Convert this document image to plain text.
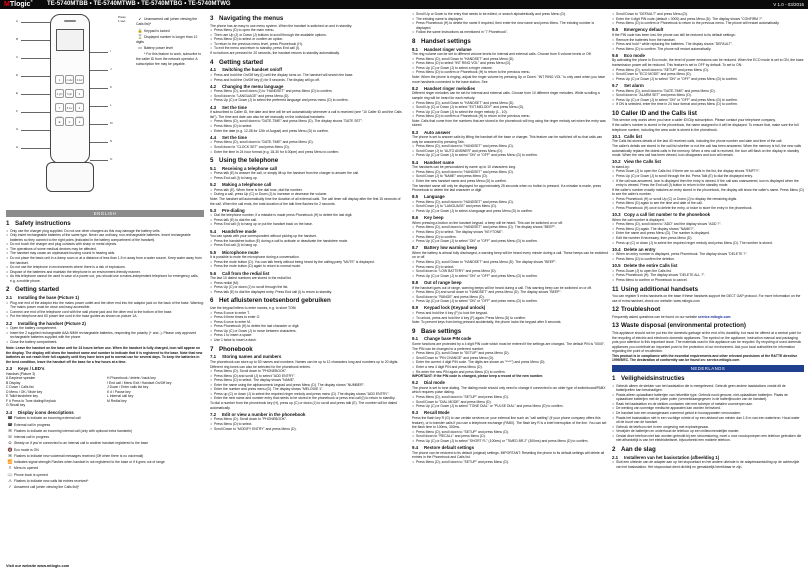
MTlogic®	TE-5740MTBB • TE-5740MTWB • TE-5740MTBG • TE-5740MTWG	V 1.0 - 03/2015
1	2 abc	3 def
4 ghi	5 jkl	6 mno
7 pqrs
8 tuv	9 wxyz
✱	0	#
A
B
C
D
E
F
G
H
I
J
K
L
M
N
O
Press
1 sec.	↙ Unanswered call (when viewing the Calls list)*
🔒 Keypad is locked
⌛ Displayed number is longer than 12 digits
▭ Battery power level
* For this feature to work, subscribe to the caller ID from the network operator. A subscription fee may be payable.
ENGLISH
1 Safety instructions
• Only use the charger plug supplied. Do not use other chargers as this may damage the battery cells.
• Only insert rechargeable batteries of the same type. Never use ordinary, non-rechargeable batteries. Insert rechargeable batteries so they connect to the right poles (indicated in the battery compartment of the handset).
• Do not touch the charger and plug contacts with sharp or metal objects.
• The operations of some medical devices may be affected.
• The handset may cause an unpleasant buzzing sound in hearing aids.
• Do not place the basic unit in a damp room or at a distance of less than 1.5 m away from a water source. Keep water away from the handset.
• Do not use the telephone in environments where there is a risk of explosions.
• Dispose of the batteries and maintain the telephone in an environment-friendly manner.
• As this telephone cannot be used in case of a power cut, you should use a mains-independent telephone for emergency calls, e.g. a mobile phone.
2 Getting started
2.1 Installing the base (Picture 1)
• Plug one end of the adaptor into the mains power outlet and the other end into the adaptor jack on the back of the base. Warning: The mains power must be close and easy accessible.
• Connect one end of the telephone cord with the wall phone jack and the other end to the bottom of the base.
• Put the telephone and 60 power line cord in the base guides as shown on picture 1A.
2.2 Installing the handset (Picture 2)
• Open the battery compartment.
• Insert the 2 supplied rechargeable AAA NiMH rechargeable batteries, respecting the polarity (+ and -). Please only approved rechargeable batteries supplied with the phone.
• Close the battery compartment.
Note: Leave the handset on the base unit for 24 hours before use. When the handset is fully charged, icon will appear on the display. The display will show the handset name and number to indicate that it is registered to the base. Note that new batteries do not reach their full capacity until they have been put to normal use for several days. To keep the batteries in the best condition, leave the handset off the base for a few hours at a time.
2.3 Keys / LED's
Handset (Picture 3)
A Earpiece speaker
B Display
C Down / Calls list
D Menu / OK / Mute key
E Talk/Handsfree key
F # Press to Tone dialing/Keylock
G Recall key
H Phonebook / delete / back key
I End call / Menu Exit / Handset On/Off key
J Down / Enter calls list key
K # / Pause key
L Internal call key
M Redial key
2.4 Display icons descriptions
☎ Flashes to indicate an incoming external call
☎ External call in progress
✉ Flashes to indicate an incoming internal call (only with optional extra handsets)
☏ Internal call in progress
Ω Steady on if you're connected to an internal call to another handset registered to the base
🔇 Eco mode is ON
✉ Flashes to indicate new voicemail messages received (Off when there is no voicemail)
📶 Indicates signal strength Flashes when handset is not registered to the base or if it goes out of range
≡ Menu is opened
📖 Phone book is opened
⚠ Flashes to indicate new calls list entries received*
✓ Answered call (when viewing the Calls list)*
Visit our website www.mtlogic.com
3 Navigating the menus
The phone has an easy to use menu system. When the handset is switched on and in standby:
• Press Menu (D) to open the main menu.
• Then use Up (J) or Down (J) buttons to scroll through the available options.
• Press Menu (D) to select or confirm an option.
• To return to the previous menu level, press Phonebook (H).
• To exit the menu and return to standby, press End call (I).
If no buttons are pressed for 20 seconds, the handset returns to standby automatically.
4 Getting started
4.1 Switching the handset on/off
• Press and hold the On/Off key (I) until the display turns on. The handset will search the base.
• Press and hold the On/Off key (I) for 5 seconds. The display will go off.
4.2 Changing the menu language
• Press Menu (D), scroll down (J) to "HANDSET" and press Menu (D) to confirm.
• Scroll down to "LANGUAGE" and press Menu (D).
• Press Up (C) or Down (J) to select the preferred language and press menu (D) to confirm.
4.3 Set the time
If subscribed to Caller ID, the date and time will be set automatically whenever a call is received (see "10 Caller ID and the Calls list"). The time and date can also be set manually on the individual handsets:
• Press Menu (D), scroll down to "DATE-TIME" and press Menu (D). The display shows "DATE SET".
• Press Menu (D) to select.
• Enter the date (e.g. 12-08 for 12th of August) and press Menu (D) to confirm.
4.4 Set the time
• Press Menu (D), scroll down to "DATE-TIME" and press Menu (D).
• Scroll down to "CLOCK SET" and press Menu (D).
• Enter the time in 24 hour format (e.g. 18-30 for 6:30pm) and press Menu to confirm.
5 Using the telephone
5.1 Receiving a telephone call
• Press talk (E) to answer the call, or simply lift up the handset from the charger to answer the call.
• Press End call (I) to hang up.
5.2 Making a telephone call
• Press talk (E). When there is the dial tone, dial the number.
• During a call, press Up (C) or Down (J) to increase or decrease the volume.
Note: The handset will automatically time the duration of all external calls. The call timer will display after the first 15 seconds of the call. When the call ends, the total duration of the talk time flashes for 2 seconds.
5.3 Pre-dialing
• Dial the telephone number, if a mistake is made press Phonebook (H) to delete the last digit.
• Press talk (E) to dial the call.
• Press End call (I) to hang up or put the handset back on the base.
5.4 Handsfree mode
You can speak with your correspondent without picking up the handset.
• Press the handsfree button (E) during a call to activate or deactivate the handsfree mode.
• Press End call (I) to hang up.
5.5 Microphone mute
It is possible to mute the microphone during a conversation.
• Press the mute button (D). You can talk freely without being heard by the calling party "MUTE" is displayed.
• Press the mute button (D) again to return to normal mode.
5.6 Call from the redial list
The last 10 dialed numbers are stored in the redial list.
• Press redial (M).
• Press Up (C) or down (J) to scroll through the list.
• Press talk (E) to dial the displayed entry. Press End call (I) to return to standby.
6 Het afluisteren toetsenbord gebruiken
Use the keypad letters to enter names, e.g. to store TOM:
• Press 8 once to enter T.
• Press 6 three times to enter O.
• Press 6 once to enter M.
• Press Phonebook (H) to delete the last character or digit.
• Press Up (C) or Down (J) to move between characters.
• Press 1 to insert a space.
• Use 1 twice to insert a dash.
7 Phonebook
7.1 Storing names and numbers
The phonebook can store up to 50 names and numbers. Names can be up to 12 characters long and numbers up to 20 digits. Different ring tones can also be selected for the phonebook entries.
• Press Menu (D). Scroll down to "PHONEBOOK".
• Press Menu (D) and scroll (J) to select "ADD ENTRY".
• Press Menu (D) to select. The display shows "NAME".
• Enter the name using the alphanumeric keypad and press Menu (D). The display shows "NUMBER".
• Enter the number and press menu (D). The display shows "MELODIE 1".
• Press up (C) or down (J) to select the required ringer melody and press menu (D). The display shows "ADD ENTRY".
• Enter the next name and number entry that needs to be stored in the phonebook or press end call (I) to return to standby.
To dial a number from the phonebook key (H), press up (C) or down (J) to scroll and press talk (E). The number will be dialed automatically.
7.2 Edit or view a number in the phonebook
• Press Menu (D). Scroll down to "PHONEBOOK".
• Press Menu (D) to select.
• Scroll Down to "MODIFY ENTRY" and press Menu (D).
• Scroll Up or Down to the entry that needs to be edited, or search alphabetically and press Menu (D).
• The existing name is displayed.
• Press Phonebook (H) to delete the name if required, then enter the new name and press Menu. The existing number is displayed.
• Follow the same instructions as mentioned in "7 Phonebook".
8 Handset settings
8.1 Handset ringer volume
The ring volume can be set to different volume levels for internal and external calls. Choose from 5 volume levels or Off.
• Press Menu (D), scroll Down to "HANDSET" and press Menu (D).
• Press Menu (D) to select "INT RING VOL" and press Menu (D).
• Press Up (C) or Down (J) to select a ringer volume.
• Press Menu (D) to confirm or Phonebook (H) to return to the previous menu.
Note: When the phone is ringing, adjust the ringer volume by pressing Up or Down. "INT RING VOL" is only used when you have more handsets connected to the base station. See
8.2 Handset ringer melodies
Different ringer melodies can be set for internal and external calls. Choose from 10 different ringer melodies. While scrolling a sample ring will be heard for each melody.
• Press Menu (D), scroll Down to "HANDSET" and press Menu (D).
• Scroll Up (C) or Down (J) to select "EXT.MELODY" and press Menu (D).
• Press Up (C) or Down (J) to select the ringer melody (1 - 10).
• Press Menu (D) to confirm or Phonebook (H) to return to the previous menu.
Note: Calls that come from the numbers that are stored in the phonebook will ring using the ringer melody set when the entry was stored.
8.3 Auto answer
The phone is set to answer calls by lifting the handset off the base or charger. This feature can be switched off so that calls can only be answered by pressing Talk.
• Press Menu (D), scroll down to "HANDSET" and press Menu (D).
• Scroll Down (J) to "AUTO ANSWER" and press Menu (D).
• Press Up (C) or Down (J) to select "ON" or "OFF" and press Menu (D) to confirm.
8.4 Handset name
The handsets can be personalized by name up to 10 characters long.
• Press Menu (D), scroll down to "HANDSET" and press Menu (D).
• Scroll Down (J) to "NAME" and press Menu (D).
• Enter the new handset name and press Menu (D) to confirm.
The handset name will only be displayed for approximately 25 seconds when no button is pressed. If a mistake is made, press Phonebook to delete the last character or digit.
8.5 Language
• Press Menu (D), scroll down to "HANDSET" and press Menu (D).
• Scroll Down (J) to "LANGUAGE" and press Menu (D).
• Press Up (C) or Down (J) to select a language and press Menu (D) to confirm.
8.6 Key beep
When pressing a button on the handset keypad, a beep will be heard. This can be switched on or off.
• Press Menu (D), scroll down to "HANDSET" and press Menu (D). The display shows "BEEP".
• Press Menu (D) to select. The display shows "KEYTONE".
• Press Menu (D) to confirm.
• Press Up (C) or Down (J) to select "ON" or "OFF" and press Menu (D) to confirm.
8.7 Battery low warning beep
When the battery is almost fully discharged, a warning beep will be heard every minute during a call. These beeps can be switched on or off.
• Press Menu (D), scroll Down to "HANDSET" and press Menu (D). The display shows "BEEP".
• Press menu (D) to select.
• Scroll down to "LOW BATTERY" and press Menu (D).
• Press Up (C) or Down (J) to select "ON" or "OFF" and press Menu (D) to confirm.
8.8 Out of range beep
If the handset goes out of range, warning beeps will be heard during a call. This warning beep can be switched on or off.
• Press Menu (D) and scroll down to "HANDSET" and press Menu (D). The display shows "BEEP".
• Scroll down to "RANGE" and press Menu (D).
• Press Up (C) or Down (J) to select "ON" or "OFF" and press menu (D) to confirm.
8.9 Keypad lock (Keypad unlock)
• Press and hold the # key (F) to lock the keypad.
• To unlock, press and hold the # key (F) again. Press Menu (D) to confirm.
Note: To prevent keys from being pressed accidentally, the phone locks the keypad after 5 seconds.
9 Base settings
9.1 Change base PIN code
Some functions are protected by a 4 digit PIN code which must be entered if the settings are changed. The default PIN is "0000". The PIN can be changed to a preferred number.
• Press Menu (D), scroll Down to "SETUP" and press Menu (D).
• Scroll Down to "PIN CHANGE" and press Menu (D).
• Enter the current 4 digit PIN code. The digits are shown as "****") and press Menu (D).
• Enter a new 4 digit PIN and press Menu (D).
• Re-enter the new PIN again and press Menu (D) to confirm.
IMPORTANT: If the PIN code is changed, please keep a record of the new number.
9.2 Dial mode
The phone is set to tone dialing. The dialing mode should only need to change if connected to an older type of switchboard/PABX which requires pulse dialing.
• Press Menu (D), scroll down to "SETUP" and press Menu (D).
• Scroll Down to "DIAL MODE" and press Menu (D).
• Press Up (C) or Down (J) to select "TONE DIAL" or "PULSE DIAL" and press Menu (D) to confirm.
9.3 Recall Mode
Press the flash key R (G) to use certain services on your external line such as "call waiting" (if your phone company offers this feature), or to transfer calls if you use a telephone exchange (PABX). The flash key R is a brief interruption of the line. You can set the flash time to 100ms, 300ms.
• Press Menu (D), scroll down to "SETUP" and press Menu (D).
• Scroll down to "RECALL" and press Menu (D).
• Press Up (C) or Down (J) to select "SHORT FL" (100ms) or "TIMED BR.2" (300ms) and press Menu (D) to confirm.
9.4 Restore default settings
The phone can be restored to its default (original) settings. IMPORTANT: Resetting the phone to its default settings will delete all entries in the Phonebook and Calls list.
• Press Menu (D), scroll down to "SETUP" and press Menu (D).
• Scroll Down to "DEFAULT" and press Menu (D).
• Enter the 4 digit PIN code (default = 0000) and press Menu (D). The display shows "CONFIRM ?".
• Press Menu (D) to confirm or Phonebook to return to the previous menu. The phone will restart automatically.
9.5 Emergency default
If the PIN code has been lost, the phone can still be restored to its default settings:
• Remove the batteries from the handset.
• Press and hold * while replacing the batteries. The display shows "DEFAULT".
• Press Menu (D) to confirm. The phone will restart automatically.
9.6 Eco mode
By activating the phone in Eco mode, the level of power emissions can be reduced. When the ECO mode is set to ON, the base transmission power will be reduced. This feature is set to OFF by default. To set to ON:
• Press Menu (D), scroll down to "SETUP" and press Menu (D).
• Scroll Down to "ECO MODE" and press Menu (D).
• Press Up (C) or Down (J) to select "ON" or "OFF" and press Menu (D) to confirm.
9.7 Set alarm
• Press Menu (D), scroll down to "DATE-TIME" and press Menu (D).
• Scroll down to "ALARM SET" and press Menu (D).
• Press Up (C) or Down (J) to select "ON" or "OFF" and press Menu (D) to confirm.
• If ON is selected, enter the time in 24 hour format and press Menu (D) to confirm.
10 Caller ID and the Calls list
This service only works when you have a caller ID/Clip subscription. Please contact your telephone company.
If the caller's number is stored in the phonebook, the name assigned to it will be displayed. To ensure that, make sure the full telephone number, including the area code is stored in the phonebook.
10.1 Calls list
The Calls list stores details of the last 40 received calls, including the phone number and date and time of the call.
The caller's details are stored in the call list whether or not the call has been answered. When the memory is full, the new calls automatically replace the oldest calls in the memory. When a new call is received, the icon will flash on the display in standby mode. When the new call has been viewed, icon disappears and icon will remain.
10.2 View the Calls list
In stand-by:
• Press Down (J) to open the Calls list. If there are no calls in the list, the display shows "EMPTY".
• Press Up (C) or Down (J) to scroll through the list. Press Talk (E) to dial the displayed entry.
• If the call was answered, icon is displayed then the entry is viewed. If the call was unanswered, icon is displayed when the entry is viewed. Press the End call (I) button to return to the standby mode.
If the caller's number exactly matches an entry stored in the phonebook, the display will show the caller's name. Press Menu (D) to see the caller's number.
• Press Phonebook (H) or scroll Up (C) or Down (J) to display the remaining digits.
• Press Menu (D) again to see the time and date of the call.
• Press Phonebook (H) once to delete the entry, or twice to store the entry in the phonebook.
10.3 Copy a call list number to the phonebook
When the call number is displayed:
• Press Menu (D), scroll down to "ADD" and the display shows "ADD ?".
• Press Menu (D) again. The display shows "NAME?".
• Enter the name and press Menu (D). The number is displayed.
• Edit the number if necessary, then press Menu (D).
• Press up (C) or down (J) to select the required ringer melody and press Menu (D). The number is stored.
10.4 Delete an entry
• When an entry number is displayed, press Phonebook. The display shows "DELETE ?".
• Press Menu (D) to confirm the deletion.
10.5 Delete the entire Calls list
• Press Down (J) to open the Calls list.
• Press Phonebook (H). The display shows "DELETE ALL ?".
• Press Menu to confirm or Phonebook to cancel.
11 Using additional handsets
You can register 5 extra handsets on the base if these handsets support the DECT GAP protocol. For more information on the use of extra handset, check our website: www.mtlogic.com
12 Troubleshoot
Frequently asked questions can be found on our website service.mtlogic.com
13 Waste disposal (environmental protection)
This appliance should not be put into the domestic garbage at the end of its durability, but must be offered at a central point for the recycling of electric and electronic domestic appliances. The symbol on the appliance, instruction manual and packaging puts your attention to this important issue. The materials used in this appliance can be recycled. By recycling of used domestic appliances you contribute an important push to the protection of our environment. Ask your local authorities for information regarding the point of recollection.
This product is in compliance with the essential requirements and other relevant provisions of the R&TTE directive 1999/5/EC. The declaration of conformity can be found on: service.mtlogic.com
NEDERLANDS
1 Veiligheidsinstructies
• Gebruik alleen de stekker van het laadstation die is meegeleverd. Gebruik geen andere laadstations omdat dit de batterijcellen kan beschadigen.
• Plaats alleen oplaadbare batterijen van hetzelfde type. Gebruik nooit gewone, niet-oplaadbare batterijen. Plaats de oplaadbare batterijen met de juiste polen (vermeld/aangegeven in de batterijhouder van de handset).
• Raak het laadstation en de stekker-contacten niet met scherpe of metalen voorwerpen aan.
• De werking van sommige medische apparaten kan worden beïnvloed.
• De handset kan een onaangenaam zoemend geluid in hoorapparaten veroorzaken.
• Plaats het basisstation niet in een vochtige ruimte of op een afstand van minder dan 1.5 m van een waterbron. Houd water uit de buurt van de handset.
• Gebruik de telefoon niet in een omgeving met explosiegevaar.
• Verwijder de batterijen en onderhoud de telefoon op een milieuvriendelijke manier.
• Omdat deze telefoon niet kan worden gebruikt bij een stroomstoring, moet u voor noodoproepen een telefoon gebruiken die niet afhankelijk is van het elektriciteitsnet, bijvoorbeeld een mobiele telefoon.
2 Aan de slag
2.1 Installeren van het basisstation (afbeelding 1)
• Sluit een uiteinde van de adapter aan op het stopcontact en het andere uiteinde in de adapteraansluiting op de achterzijde van het basisstation. Het stopcontact dient dichtbij en gemakkelijk bereikbaar te zijn.
